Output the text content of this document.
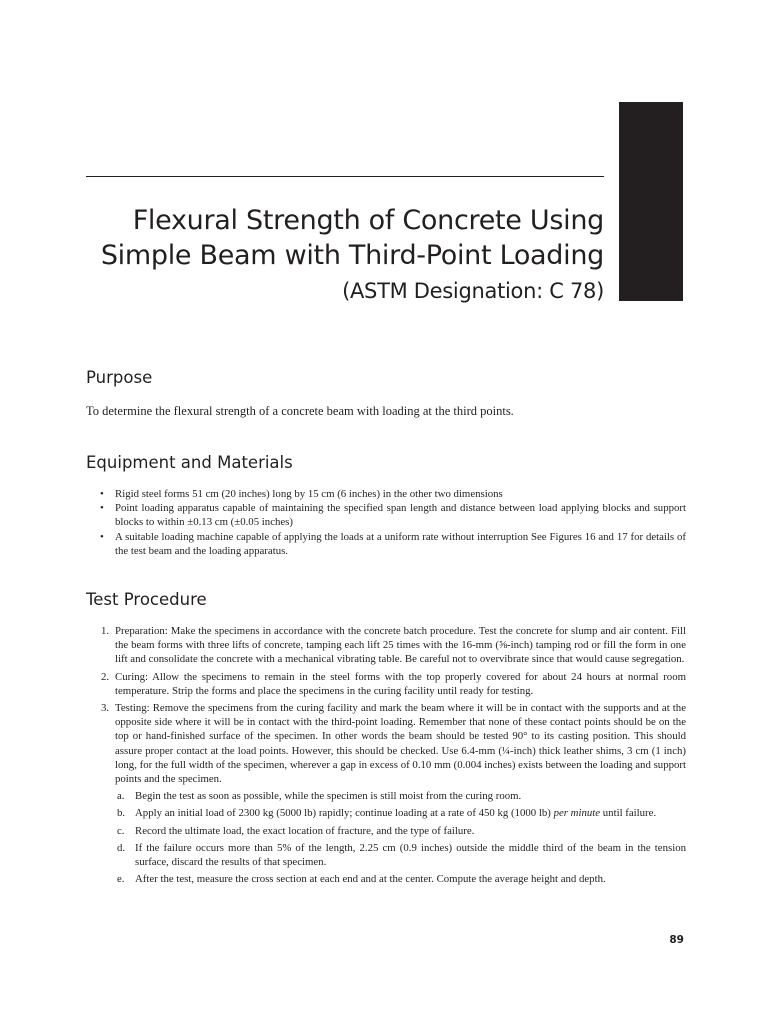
Flexural Strength of Concrete Using
Simple Beam with Third-Point Loading
(ASTM Designation: C 78)
Purpose

To determine the flexural strength of a concrete beam with loading at the third points.

Equipment and Materials
• Rigid steel forms 51 cm (20 inches) long by 15 cm (6 inches) in the other two dimensions
• Point loading apparatus capable of maintaining the specified span length and distance between load applying blocks and support blocks to within ±0.13 cm (±0.05 inches)
• A suitable loading machine capable of applying the loads at a uniform rate without interruption See Figures 16 and 17 for details of the test beam and the loading apparatus.
Test Procedure
1. Preparation: Make the specimens in accordance with the concrete batch procedure. Test the concrete for slump and air content. Fill the beam forms with three lifts of concrete, tamping each lift 25 times with the 16-mm (⅝-inch) tamping rod or fill the form in one lift and consolidate the concrete with a mechanical vibrating table. Be careful not to overvibrate since that would cause segregation.
2. Curing: Allow the specimens to remain in the steel forms with the top properly covered for about 24 hours at normal room temperature. Strip the forms and place the specimens in the curing facility until ready for testing.
3. Testing: Remove the specimens from the curing facility and mark the beam where it will be in contact with the supports and at the opposite side where it will be in contact with the third-point loading. Remember that none of these contact points should be on the top or hand-finished surface of the specimen. In other words the beam should be tested 90° to its casting position. This should assure proper contact at the load points. However, this should be checked. Use 6.4-mm (¼-inch) thick leather shims, 3 cm (1 inch) long, for the full width of the specimen, wherever a gap in excess of 0.10 mm (0.004 inches) exists between the loading and support points and the specimen.
a. Begin the test as soon as possible, while the specimen is still moist from the curing room.
b. Apply an initial load of 2300 kg (5000 lb) rapidly; continue loading at a rate of 450 kg (1000 lb) per minute until failure.
c. Record the ultimate load, the exact location of fracture, and the type of failure.
d. If the failure occurs more than 5% of the length, 2.25 cm (0.9 inches) outside the middle third of the beam in the tension surface, discard the results of that specimen.
e. After the test, measure the cross section at each end and at the center. Compute the average height and depth.
89
